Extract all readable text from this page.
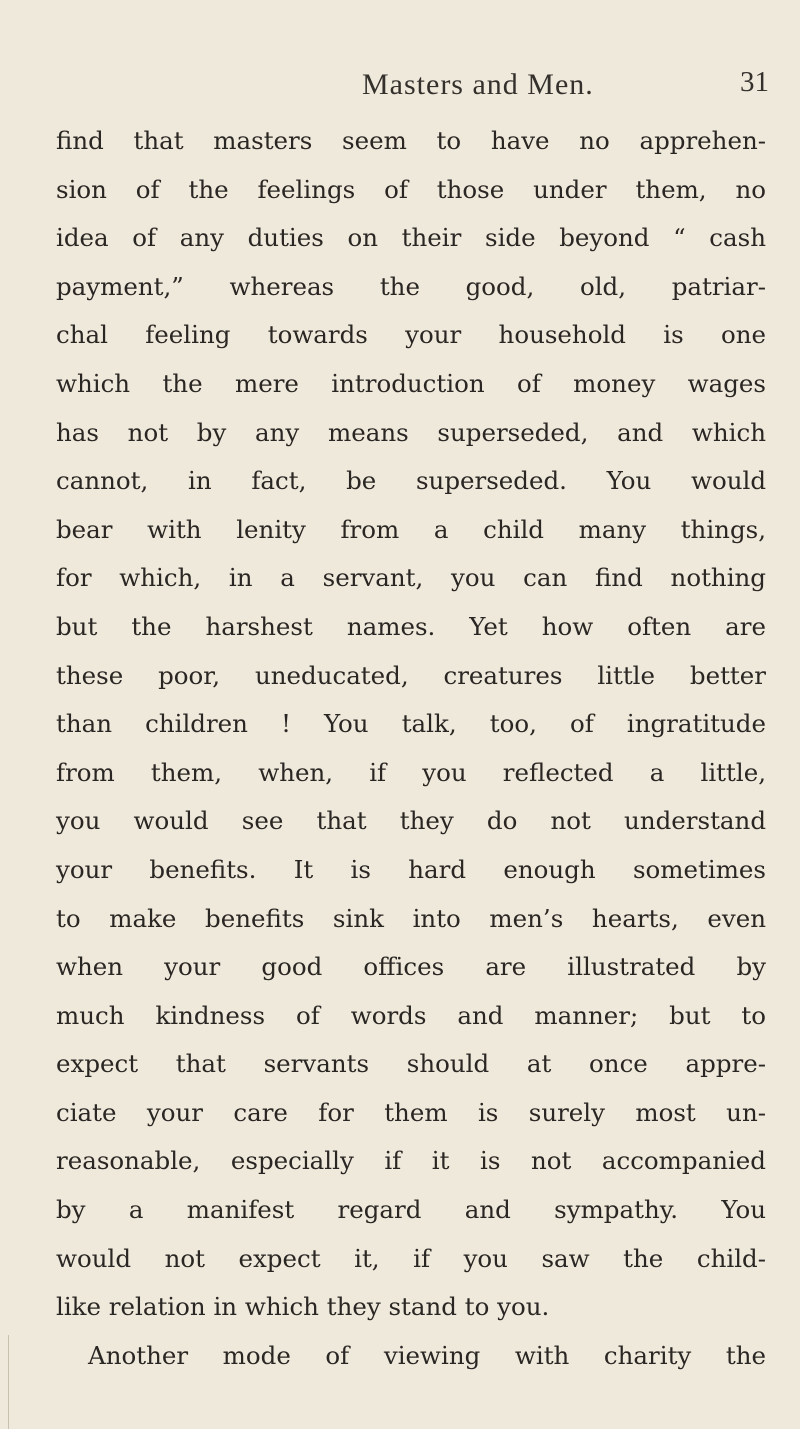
Masters and Men.	31
find that masters seem to have no apprehen-
sion of the feelings of those under them, no
idea of any duties on their side beyond “ cash
payment,” whereas the good, old, patriar-
chal feeling towards your household is one
which the mere introduction of money wages
has not by any means superseded, and which
cannot, in fact, be superseded. You would
bear with lenity from a child many things,
for which, in a servant, you can find nothing
but the harshest names. Yet how often are
these poor, uneducated, creatures little better
than children ! You talk, too, of ingratitude
from them, when, if you reflected a little,
you would see that they do not understand
your benefits. It is hard enough sometimes
to make benefits sink into men’s hearts, even
when your good offices are illustrated by
much kindness of words and manner; but to
expect that servants should at once appre-
ciate your care for them is surely most un-
reasonable, especially if it is not accompanied
by a manifest regard and sympathy. You
would not expect it, if you saw the child-
like relation in which they stand to you.
Another mode of viewing with charity the
